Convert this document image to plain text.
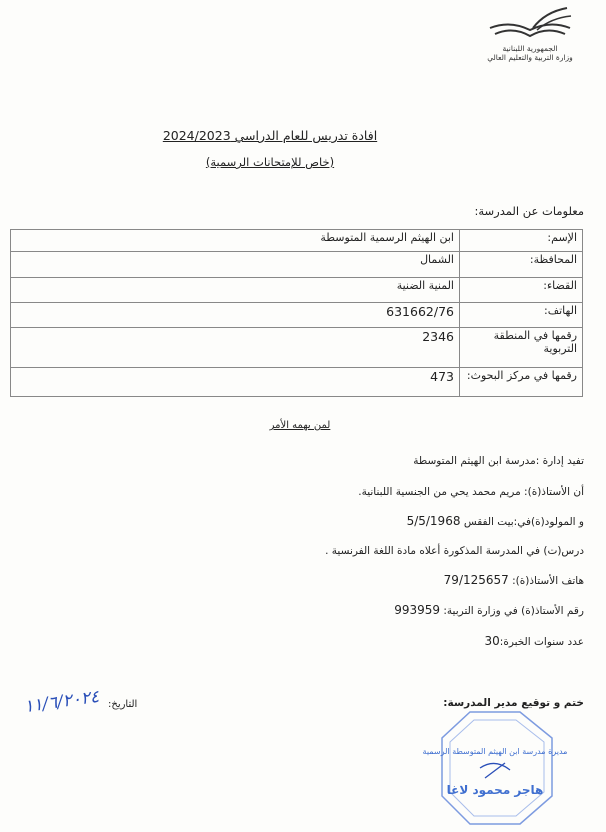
الجمهورية اللبنانية
وزارة التربية والتعليم العالي
افادة تدريس للعام الدراسي 2024/2023
(خاص للإمتحانات الرسمية)
معلومات عن المدرسة:
الإسم:	ابن الهيثم الرسمية المتوسطة
المحافظة:	الشمال
القضاء:	المنية الضنية
الهاتف:	631662/76
رقمها في المنطقة التربوية	2346
رقمها في مركز البحوث:	473
لمن يهمه الأمر
تفيد إدارة :مدرسة ابن الهيثم المتوسطة
أن الأستاذ(ة): مريم محمد يحي من الجنسية اللبنانية.
و المولود(ة)في:بيت الفقس 5/5/1968
درس(ت) في المدرسة المذكورة أعلاه مادة اللغة الفرنسية .
هاتف الأستاذ(ة): 79/125657
رقم الأستاذ(ة) في وزارة التربية: 993959
عدد سنوات الخبرة:30
ختم و توقيع مدير المدرسة:
التاريخ:
١١/٦/٢٠٢٤
مديرة مدرسة ابن الهيثم المتوسطة الرسمية
هاجر محمود لاغا
